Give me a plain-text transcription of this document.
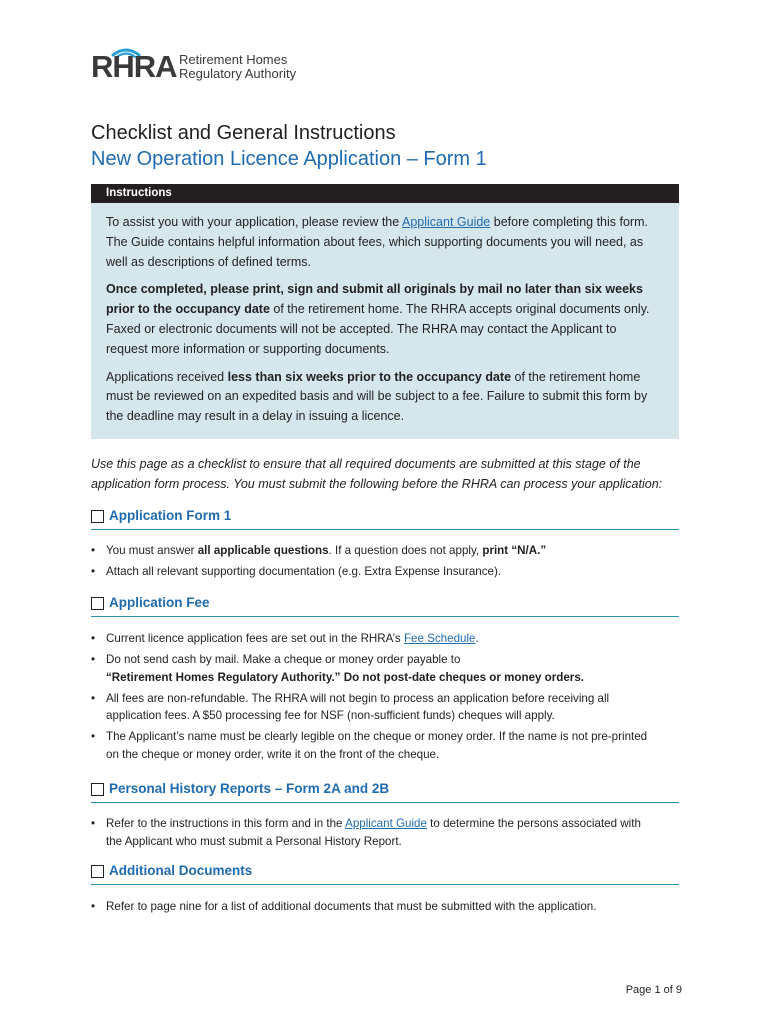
RHRA Retirement Homes
Regulatory Authority
Checklist and General Instructions
New Operation Licence Application – Form 1
Instructions

To assist you with your application, please review the Applicant Guide before completing this form. The Guide contains helpful information about fees, which supporting documents you will need, as well as descriptions of defined terms.

Once completed, please print, sign and submit all originals by mail no later than six weeks prior to the occupancy date of the retirement home. The RHRA accepts original documents only. Faxed or electronic documents will not be accepted. The RHRA may contact the Applicant to request more information or supporting documents.

Applications received less than six weeks prior to the occupancy date of the retirement home must be reviewed on an expedited basis and will be subject to a fee. Failure to submit this form by the deadline may result in a delay in issuing a licence.

Use this page as a checklist to ensure that all required documents are submitted at this stage of the application form process. You must submit the following before the RHRA can process your application:
Application Form 1
• You must answer all applicable questions. If a question does not apply, print “N/A.”
• Attach all relevant supporting documentation (e.g. Extra Expense Insurance).
Application Fee
• Current licence application fees are set out in the RHRA’s Fee Schedule.
• Do not send cash by mail. Make a cheque or money order payable to
“Retirement Homes Regulatory Authority.” Do not post-date cheques or money orders.
• All fees are non-refundable. The RHRA will not begin to process an application before receiving all application fees. A $50 processing fee for NSF (non-sufficient funds) cheques will apply.
• The Applicant’s name must be clearly legible on the cheque or money order. If the name is not pre-printed on the cheque or money order, write it on the front of the cheque.
Personal History Reports – Form 2A and 2B
• Refer to the instructions in this form and in the Applicant Guide to determine the persons associated with the Applicant who must submit a Personal History Report.
Additional Documents
• Refer to page nine for a list of additional documents that must be submitted with the application.
Page 1 of 9
